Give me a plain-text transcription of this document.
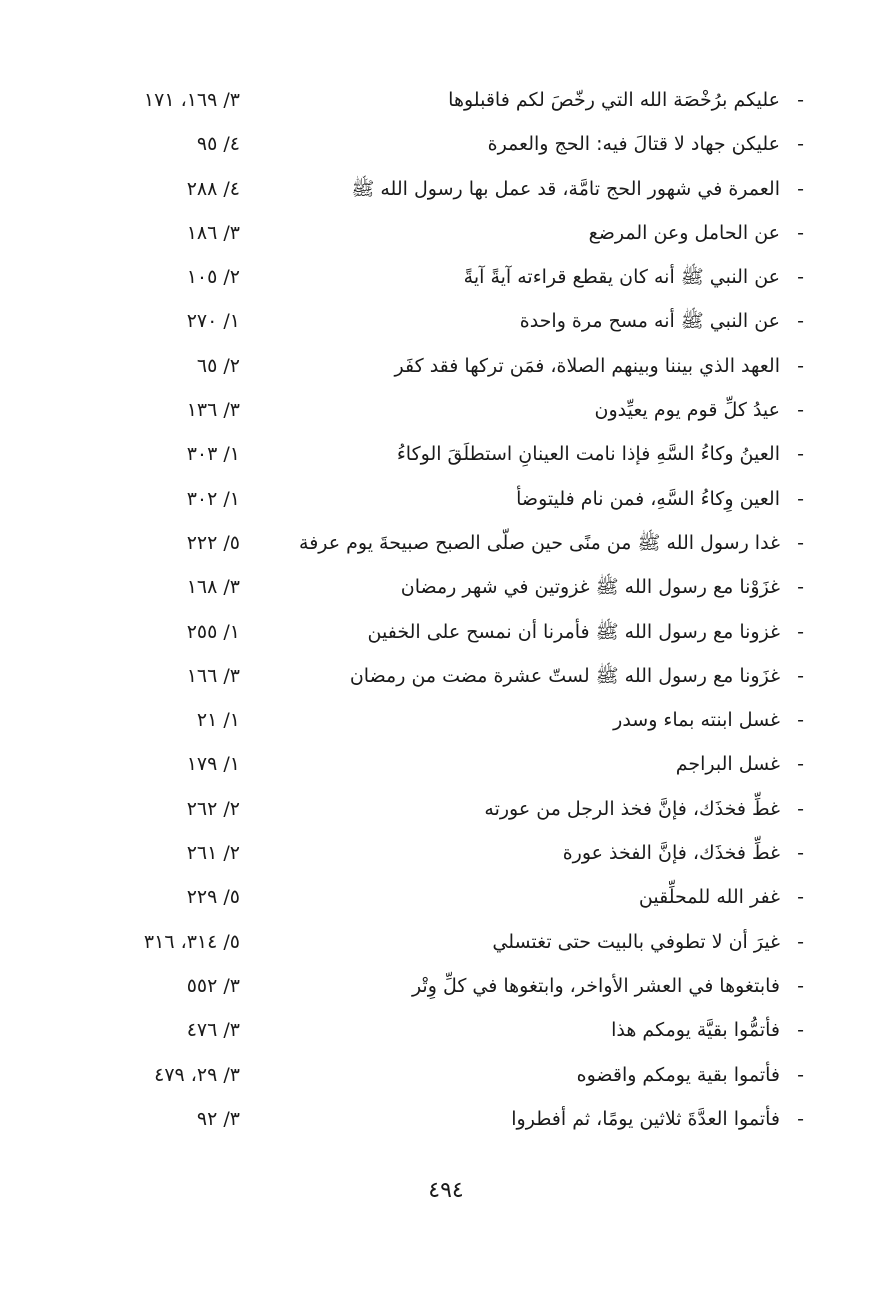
-
عليكم برُخْصَة الله التي رخّصَ لكم فاقبلوها
٣/ ١٦٩، ١٧١
-
عليكن جهاد لا قتالَ فيه: الحج والعمرة
٤/ ٩٥
-
العمرة في شهور الحج تامَّة، قد عمل بها رسول الله ﷺ
٤/ ٢٨٨
-
عن الحامل وعن المرضع
٣/ ١٨٦
-
عن النبي ﷺ أنه كان يقطع قراءته آيةً آيةً
٢/ ١٠٥
-
عن النبي ﷺ أنه مسح مرة واحدة
١/ ٢٧٠
-
العهد الذي بيننا وبينهم الصلاة، فمَن تركها فقد كفَر
٢/ ٦٥
-
عيدُ كلِّ قوم يوم يعيِّدون
٣/ ١٣٦
-
العينُ وكاءُ السَّهِ فإذا نامت العينانِ استطلَقَ الوكاءُ
١/ ٣٠٣
-
العين وِكاءُ السَّهِ، فمن نام فليتوضأ
١/ ٣٠٢
-
غدا رسول الله ﷺ من منًى حين صلّى الصبح صبيحةَ يوم عرفة
٥/ ٢٢٢
-
غزَوْنا مع رسول الله ﷺ غزوتين في شهر رمضان
٣/ ١٦٨
-
غزونا مع رسول الله ﷺ فأمرنا أن نمسح على الخفين
١/ ٢٥٥
-
غزَونا مع رسول الله ﷺ لستّ عشرة مضت من رمضان
٣/ ١٦٦
-
غسل ابنته بماء وسدر
١/ ٢١
-
غسل البراجم
١/ ١٧٩
-
غطِّ فخذَك، فإنَّ فخذ الرجل من عورته
٢/ ٢٦٢
-
غطِّ فخذَك، فإنَّ الفخذ عورة
٢/ ٢٦١
-
غفر الله للمحلِّقين
٥/ ٢٢٩
-
غيرَ أن لا تطوفي بالبيت حتى تغتسلي
٥/ ٣١٤، ٣١٦
-
فابتغوها في العشر الأواخر، وابتغوها في كلِّ وِتْر
٣/ ٥٥٢
-
فأتمُّوا بقيَّة يومكم هذا
٣/ ٤٧٦
-
فأتموا بقية يومكم واقضوه
٣/ ٢٩، ٤٧٩
-
فأتموا العدَّةَ ثلاثين يومًا، ثم أفطروا
٣/ ٩٢
٤٩٤
